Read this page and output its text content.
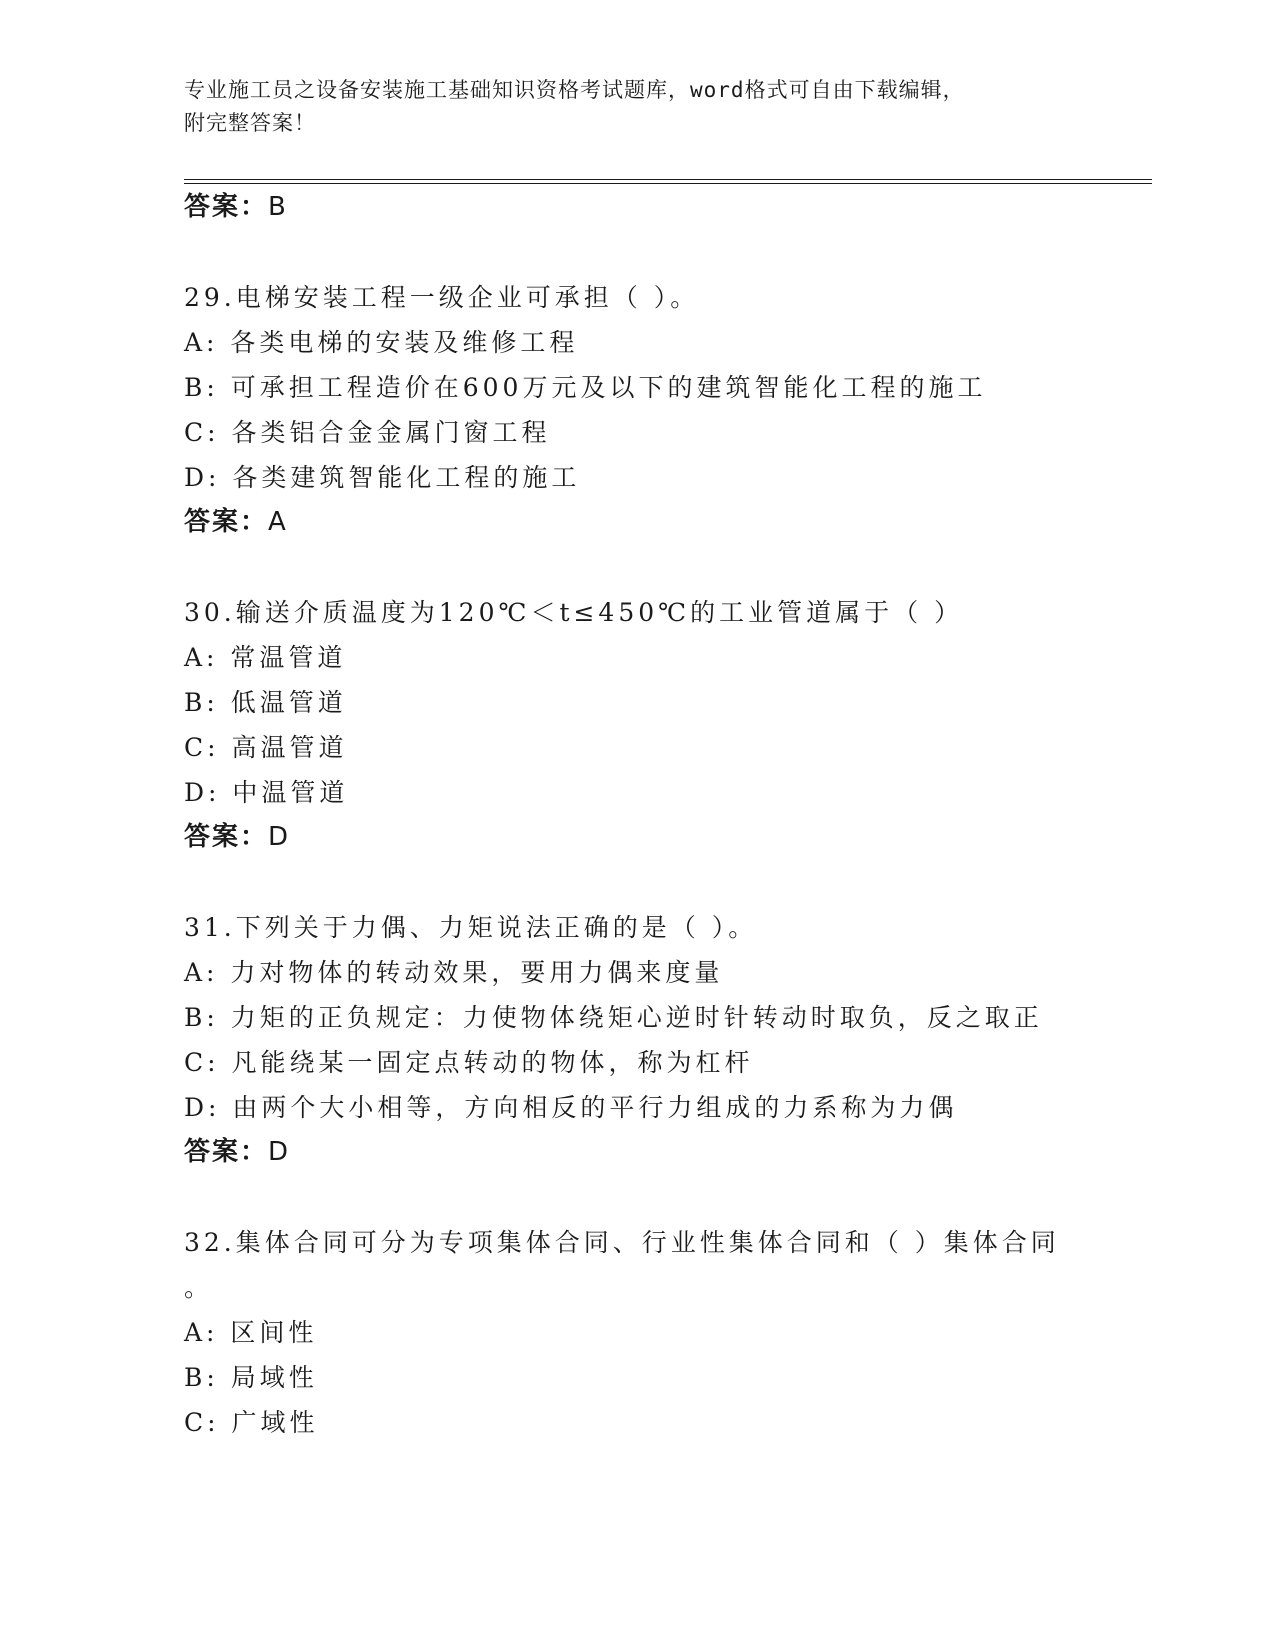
专业施工员之设备安装施工基础知识资格考试题库，word格式可自由下载编辑，
附完整答案！
答案：B
29.电梯安装工程一级企业可承担（ ）。
A: 各类电梯的安装及维修工程
B: 可承担工程造价在600万元及以下的建筑智能化工程的施工
C: 各类铝合金金属门窗工程
D: 各类建筑智能化工程的施工
答案：A
30.输送介质温度为120℃＜t≤450℃的工业管道属于（ ）
A: 常温管道
B: 低温管道
C: 高温管道
D: 中温管道
答案：D
31.下列关于力偶、力矩说法正确的是（ ）。
A: 力对物体的转动效果，要用力偶来度量
B: 力矩的正负规定：力使物体绕矩心逆时针转动时取负，反之取正
C: 凡能绕某一固定点转动的物体，称为杠杆
D: 由两个大小相等，方向相反的平行力组成的力系称为力偶
答案：D
32.集体合同可分为专项集体合同、行业性集体合同和（ ）集体合同
。
A: 区间性
B: 局域性
C: 广域性
